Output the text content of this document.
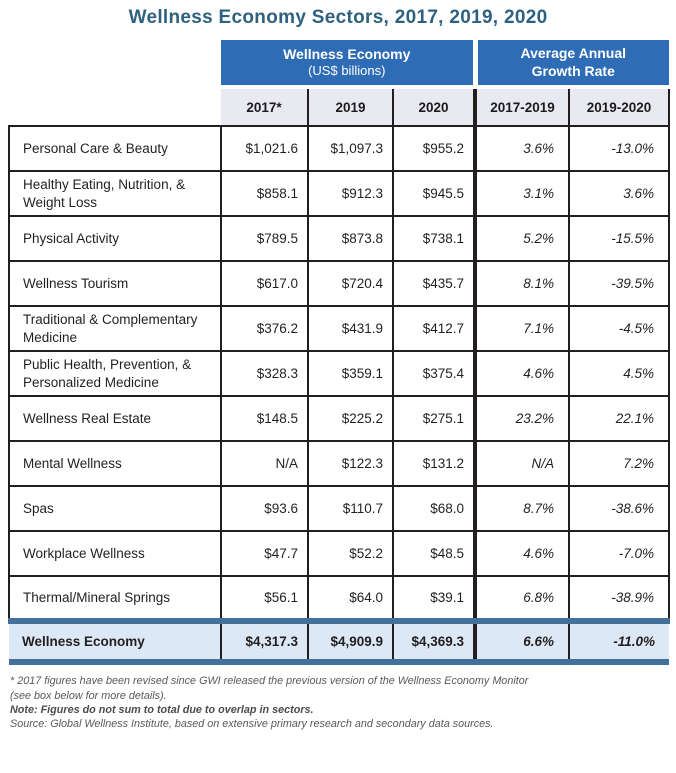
Wellness Economy Sectors, 2017, 2019, 2020

Wellness Economy
(US$ billions)

Average Annual
Growth Rate

	2017*	2019	2020	2017-2019	2019-2020
Personal Care & Beauty	$1,021.6	$1,097.3	$955.2	3.6%	-13.0%
Healthy Eating, Nutrition, & Weight Loss	$858.1	$912.3	$945.5	3.1%	3.6%
Physical Activity	$789.5	$873.8	$738.1	5.2%	-15.5%
Wellness Tourism	$617.0	$720.4	$435.7	8.1%	-39.5%
Traditional & Complementary Medicine	$376.2	$431.9	$412.7	7.1%	-4.5%
Public Health, Prevention, & Personalized Medicine	$328.3	$359.1	$375.4	4.6%	4.5%
Wellness Real Estate	$148.5	$225.2	$275.1	23.2%	22.1%
Mental Wellness	N/A	$122.3	$131.2	N/A	7.2%
Spas	$93.6	$110.7	$68.0	8.7%	-38.6%
Workplace Wellness	$47.7	$52.2	$48.5	4.6%	-7.0%
Thermal/Mineral Springs	$56.1	$64.0	$39.1	6.8%	-38.9%
Wellness Economy	$4,317.3	$4,909.9	$4,369.3	6.6%	-11.0%
* 2017 figures have been revised since GWI released the previous version of the Wellness Economy Monitor
(see box below for more details).
Note: Figures do not sum to total due to overlap in sectors.
Source: Global Wellness Institute, based on extensive primary research and secondary data sources.
